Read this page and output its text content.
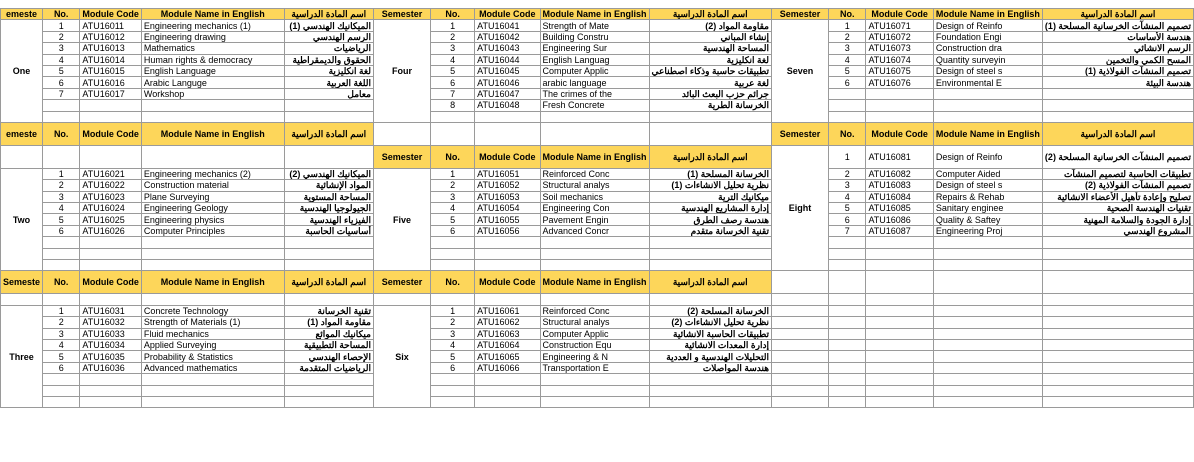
emeste	No.	Module Code	Module Name in English	اسم المادة الدراسية	Semester	No.	Module Code	Module Name in English	اسم المادة الدراسية	Semester	No.	Module Code	Module Name in English	اسم المادة الدراسية
One	1	ATU16011	Engineering mechanics (1)	الميكانيك الهندسي (1)	Four	1	ATU16041	Strength of Mate	مقاومة المواد (2)	Seven	1	ATU16071	Design of Reinfo	تصميم المنشآت الخرسانية المسلحة (1)
	2	ATU16012	Engineering drawing	الرسم الهندسي		2	ATU16042	Building Constru	إنشاء المباني		2	ATU16072	Foundation Engi	هندسة الأساسات
	3	ATU16013	Mathematics	الرياضيات		3	ATU16043	Engineering Sur	المساحة الهندسية		3	ATU16073	Construction dra	الرسم الانشائي
	4	ATU16014	Human rights & democracy	الحقوق والديمقراطية		4	ATU16044	English Languag	لغة انكليزية		4	ATU16074	Quantity surveyin	المسح الكمي والتخمين
	5	ATU16015	English Language	لغة انكليزية		5	ATU16045	Computer Applic	تطبيقات حاسبة وذكاء اصطناعي		5	ATU16075	Design of steel s	تصميم المنشآت الفولاذية (1)
	6	ATU16016	Arabic Languge	اللغة العربية		6	ATU16046	arabic language	لغة عربية		6	ATU16076	Environmental E	هندسة البيئة
	7	ATU16017	Workshop	معامل		7	ATU16047	The crimes of the	جرائم حزب البعث البائد					
						8	ATU16048	Fresh Concrete	الخرسانة الطرية					

emeste	No.	Module Code	Module Name in English	اسم المادة الدراسية						Semester	No.	Module Code	Module Name in English	اسم المادة الدراسية
					Semester	No.	Module Code	Module Name in English	اسم المادة الدراسية	Eight	1	ATU16081	Design of Reinfo	تصميم المنشآت الخرسانية المسلحة (2)
Two	1	ATU16021	Engineering mechanics (2)	الميكانيك الهندسي (2)	Five	1	ATU16051	Reinforced Conc	الخرسانة المسلحة (1)		2	ATU16082	Computer Aided	تطبيقات الحاسبة لتصميم المنشآت
	2	ATU16022	Construction material	المواد الإنشائية		2	ATU16052	Structural analys	نظرية تحليل الانشاءات (1)		3	ATU16083	Design of steel s	تصميم المنشآت الفولاذية (2)
	3	ATU16023	Plane Surveying	المساحة المستوية		3	ATU16053	Soil mechanics	ميكانيك الترية		4	ATU16084	Repairs & Rehab	تصليح وإعادة تأهيل الأعضاء الانشائية
	4	ATU16024	Engineering Geology	الجيولوجيا الهندسية		4	ATU16054	Engineering Con	إدارة المشاريع الهندسية		5	ATU16085	Sanitary enginee	تقنيات الهندسة الصحية
	5	ATU16025	Engineering physics	الفيزياء الهندسية		5	ATU16055	Pavement Engin	هندسة رصف الطرق		6	ATU16086	Quality & Saftey	إدارة الجودة والسلامة المهنية
	6	ATU16026	Computer Principles	أساسيات الحاسبة		6	ATU16056	Advanced Concr	تقنية الخرسانة متقدم		7	ATU16087	Engineering Proj	المشروع الهندسي

Semeste	No.	Module Code	Module Name in English	اسم المادة الدراسية	Semester	No.	Module Code	Module Name in English	اسم المادة الدراسية					

Three	1	ATU16031	Concrete Technology	تقنية الخرسانة	Six	1	ATU16061	Reinforced Conc	الخرسانة المسلحة (2)					
	2	ATU16032	Strength of Materials (1)	مقاومة المواد (1)		2	ATU16062	Structural analys	نظرية تحليل الانشاءات (2)					
	3	ATU16033	Fluid mechanics	ميكانيك الموائع		3	ATU16063	Computer Applic	تطبيقات الحاسبة الانشائية					
	4	ATU16034	Applied Surveying	المساحة التطبيقية		4	ATU16064	Construction Equ	إدارة المعدات الانشائية					
	5	ATU16035	Probability & Statistics	الإحصاء الهندسي		5	ATU16065	Engineering & N	التحليلات الهندسية و العددية					
	6	ATU16036	Advanced mathematics	الرياضيات المتقدمة		6	ATU16066	Transportation E	هندسة المواصلات					
